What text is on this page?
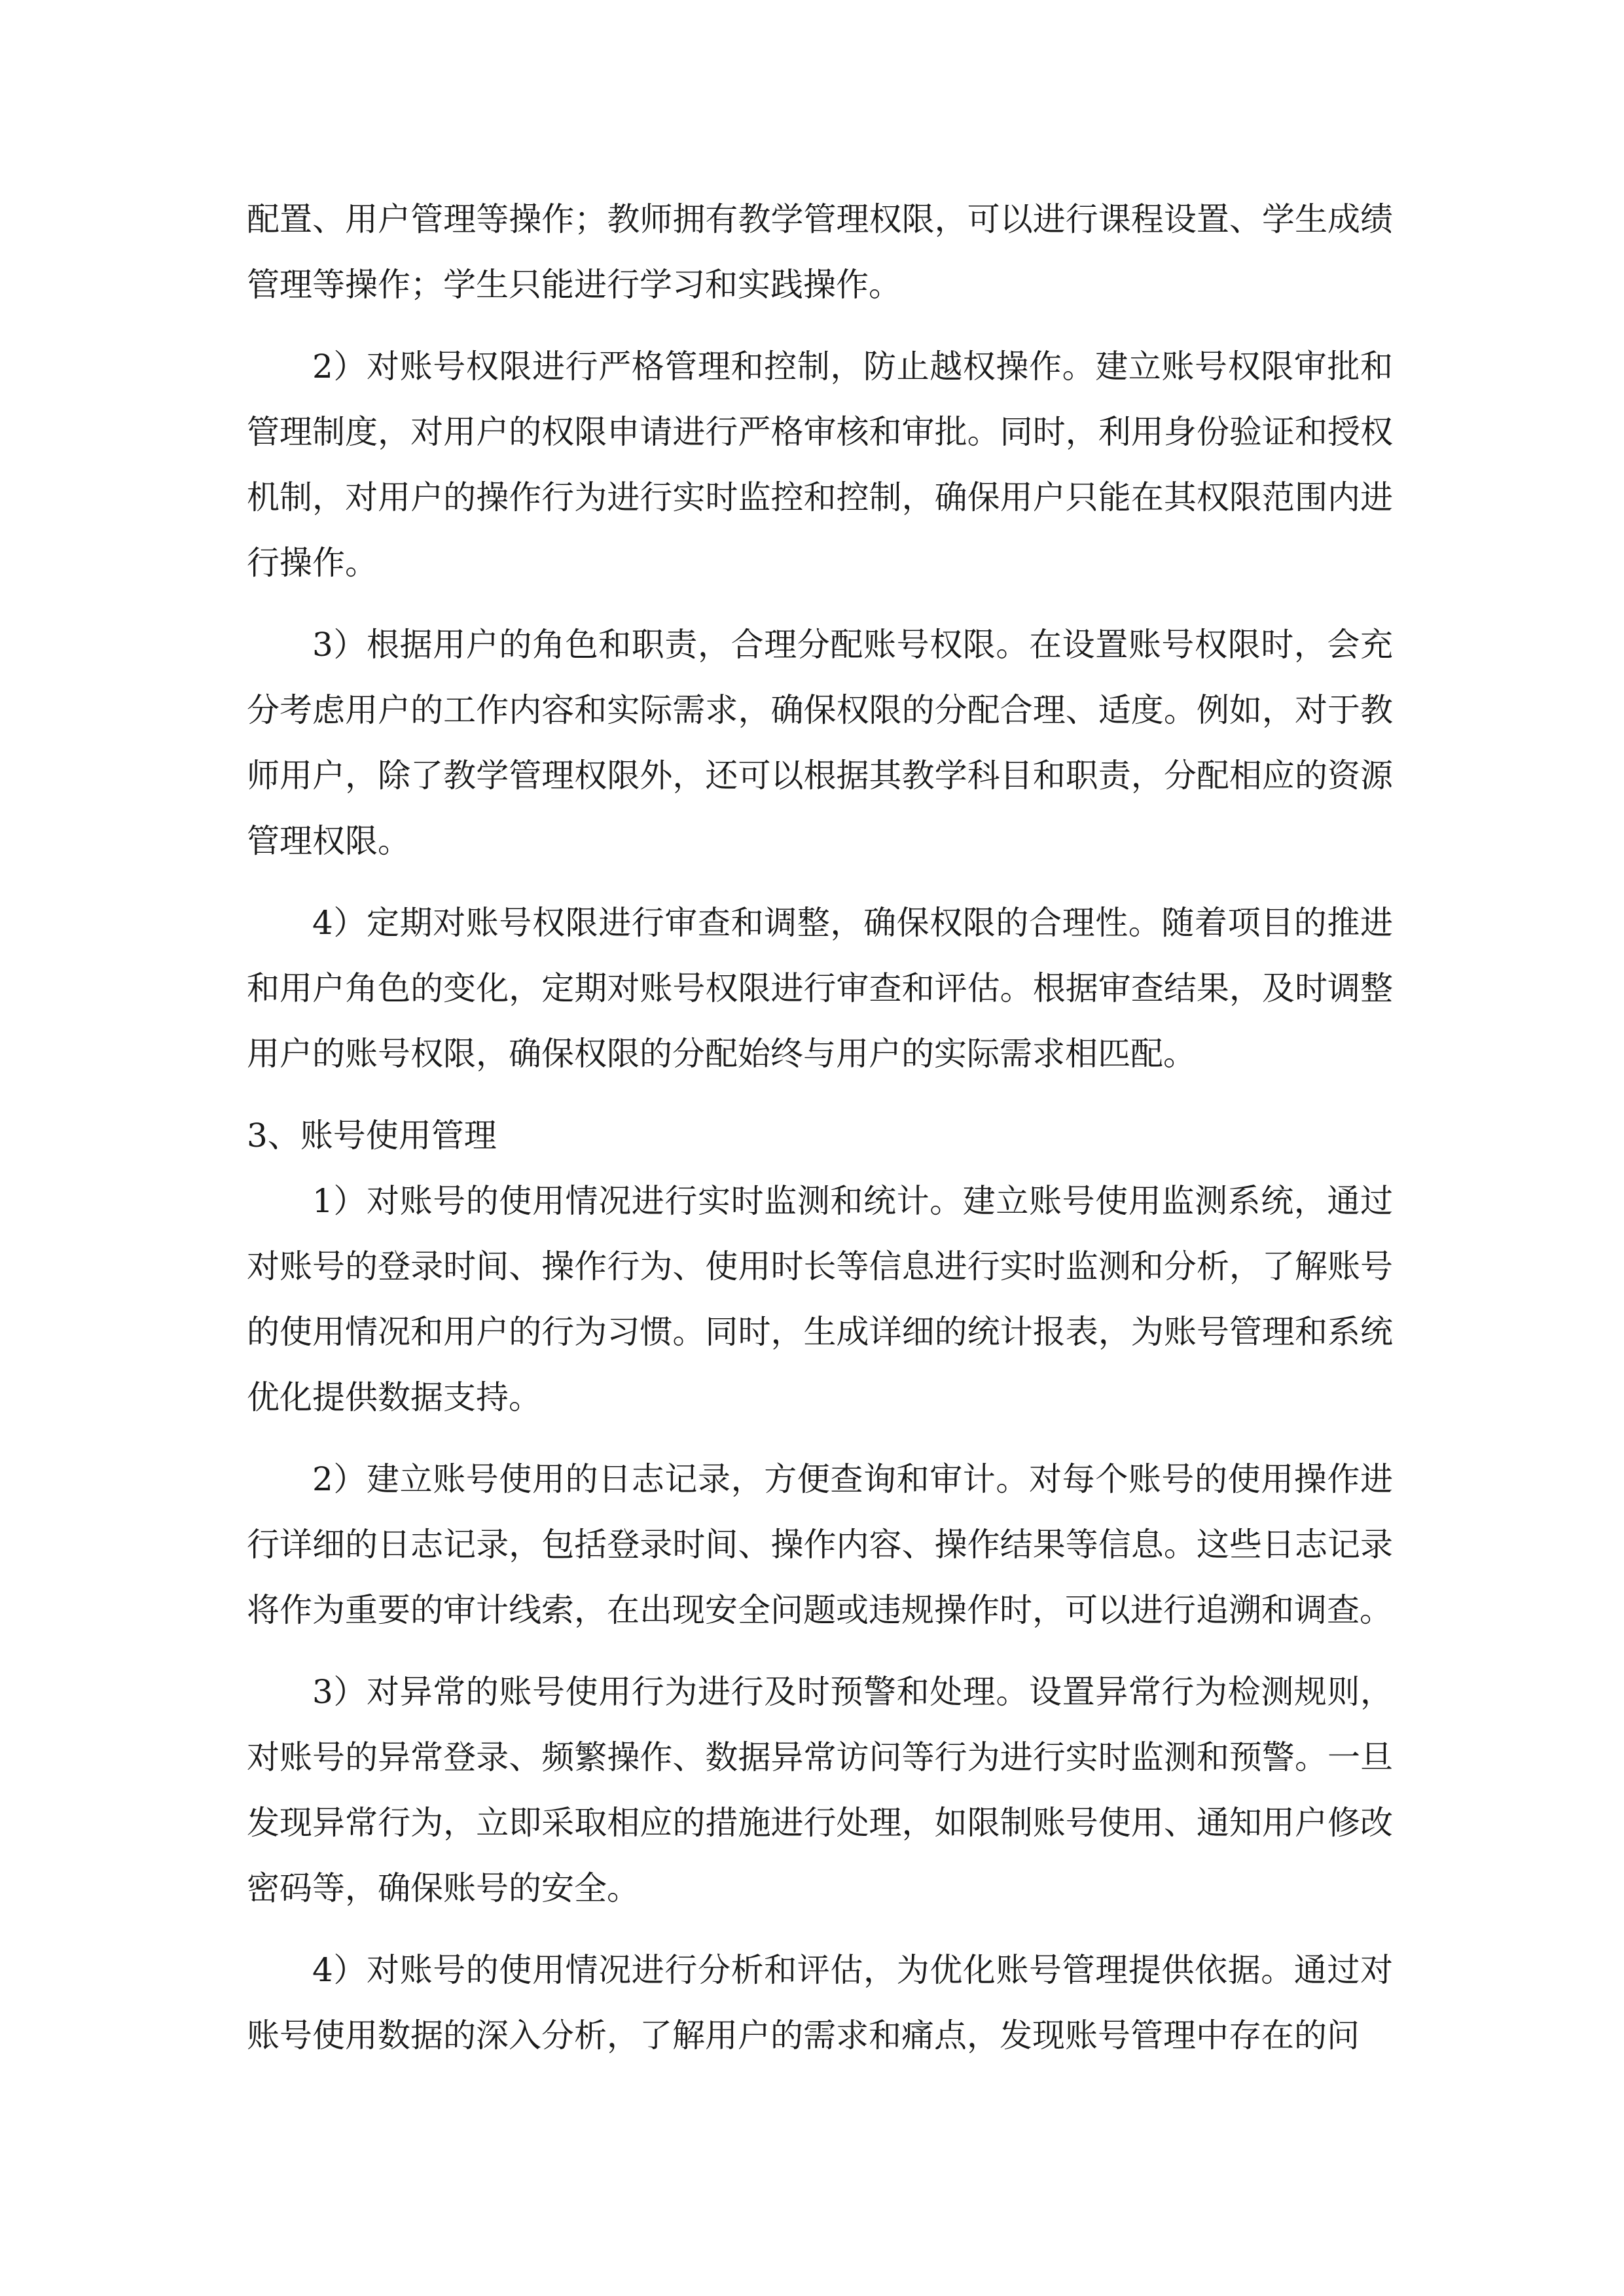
配置、用户管理等操作；教师拥有教学管理权限，可以进行课程设置、学生成绩管理等操作；学生只能进行学习和实践操作。

2）对账号权限进行严格管理和控制，防止越权操作。建立账号权限审批和管理制度，对用户的权限申请进行严格审核和审批。同时，利用身份验证和授权机制，对用户的操作行为进行实时监控和控制，确保用户只能在其权限范围内进行操作。

3）根据用户的角色和职责，合理分配账号权限。在设置账号权限时，会充分考虑用户的工作内容和实际需求，确保权限的分配合理、适度。例如，对于教师用户，除了教学管理权限外，还可以根据其教学科目和职责，分配相应的资源管理权限。

4）定期对账号权限进行审查和调整，确保权限的合理性。随着项目的推进和用户角色的变化，定期对账号权限进行审查和评估。根据审查结果，及时调整用户的账号权限，确保权限的分配始终与用户的实际需求相匹配。

3、账号使用管理

1）对账号的使用情况进行实时监测和统计。建立账号使用监测系统，通过对账号的登录时间、操作行为、使用时长等信息进行实时监测和分析，了解账号的使用情况和用户的行为习惯。同时，生成详细的统计报表，为账号管理和系统优化提供数据支持。

2）建立账号使用的日志记录，方便查询和审计。对每个账号的使用操作进行详细的日志记录，包括登录时间、操作内容、操作结果等信息。这些日志记录将作为重要的审计线索，在出现安全问题或违规操作时，可以进行追溯和调查。

3）对异常的账号使用行为进行及时预警和处理。设置异常行为检测规则，对账号的异常登录、频繁操作、数据异常访问等行为进行实时监测和预警。一旦发现异常行为，立即采取相应的措施进行处理，如限制账号使用、通知用户修改密码等，确保账号的安全。

4）对账号的使用情况进行分析和评估，为优化账号管理提供依据。通过对账号使用数据的深入分析，了解用户的需求和痛点，发现账号管理中存在的问
